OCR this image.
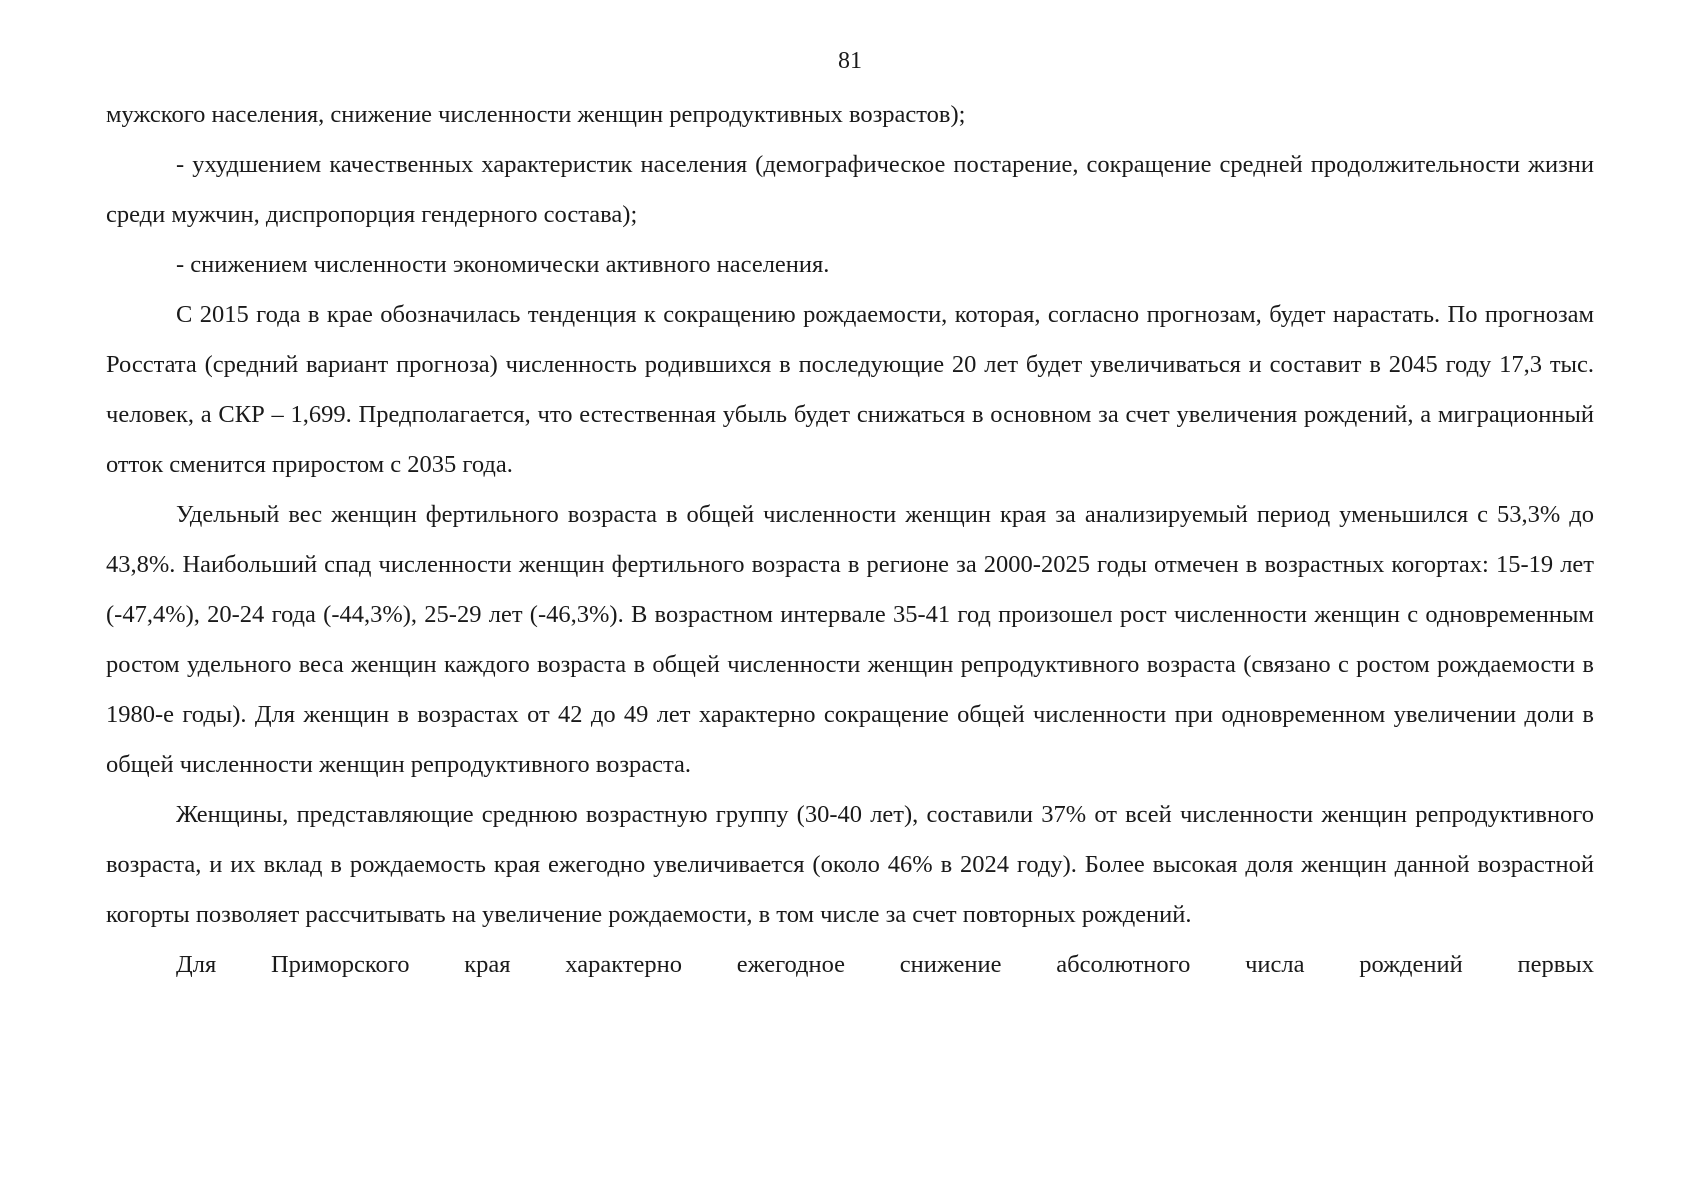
81

мужского населения, снижение численности женщин репродуктивных возрастов);

- ухудшением качественных характеристик населения (демографическое постарение, сокращение средней продолжительности жизни среди мужчин, диспропорция гендерного состава);

- снижением численности экономически активного населения.

С 2015 года в крае обозначилась тенденция к сокращению рождаемости, которая, согласно прогнозам, будет нарастать. По прогнозам Росстата (средний вариант прогноза) численность родившихся в последующие 20 лет будет увеличиваться и составит в 2045 году 17,3 тыс. человек, а СКР – 1,699. Предполагается, что естественная убыль будет снижаться в основном за счет увеличения рождений, а миграционный отток сменится приростом с 2035 года.

Удельный вес женщин фертильного возраста в общей численности женщин края за анализируемый период уменьшился с 53,3% до 43,8%. Наибольший спад численности женщин фертильного возраста в регионе за 2000-2025 годы отмечен в возрастных когортах: 15-19 лет (-47,4%), 20-24 года (-44,3%), 25-29 лет (-46,3%). В возрастном интервале 35-41 год произошел рост численности женщин с одновременным ростом удельного веса женщин каждого возраста в общей численности женщин репродуктивного возраста (связано с ростом рождаемости в 1980-е годы). Для женщин в возрастах от 42 до 49 лет характерно сокращение общей численности при одновременном увеличении доли в общей численности женщин репродуктивного возраста.

Женщины, представляющие среднюю возрастную группу (30-40 лет), составили 37% от всей численности женщин репродуктивного возраста, и их вклад в рождаемость края ежегодно увеличивается (около 46% в 2024 году). Более высокая доля женщин данной возрастной когорты позволяет рассчитывать на увеличение рождаемости, в том числе за счет повторных рождений.

Для Приморского края характерно ежегодное снижение абсолютного числа рождений первых
